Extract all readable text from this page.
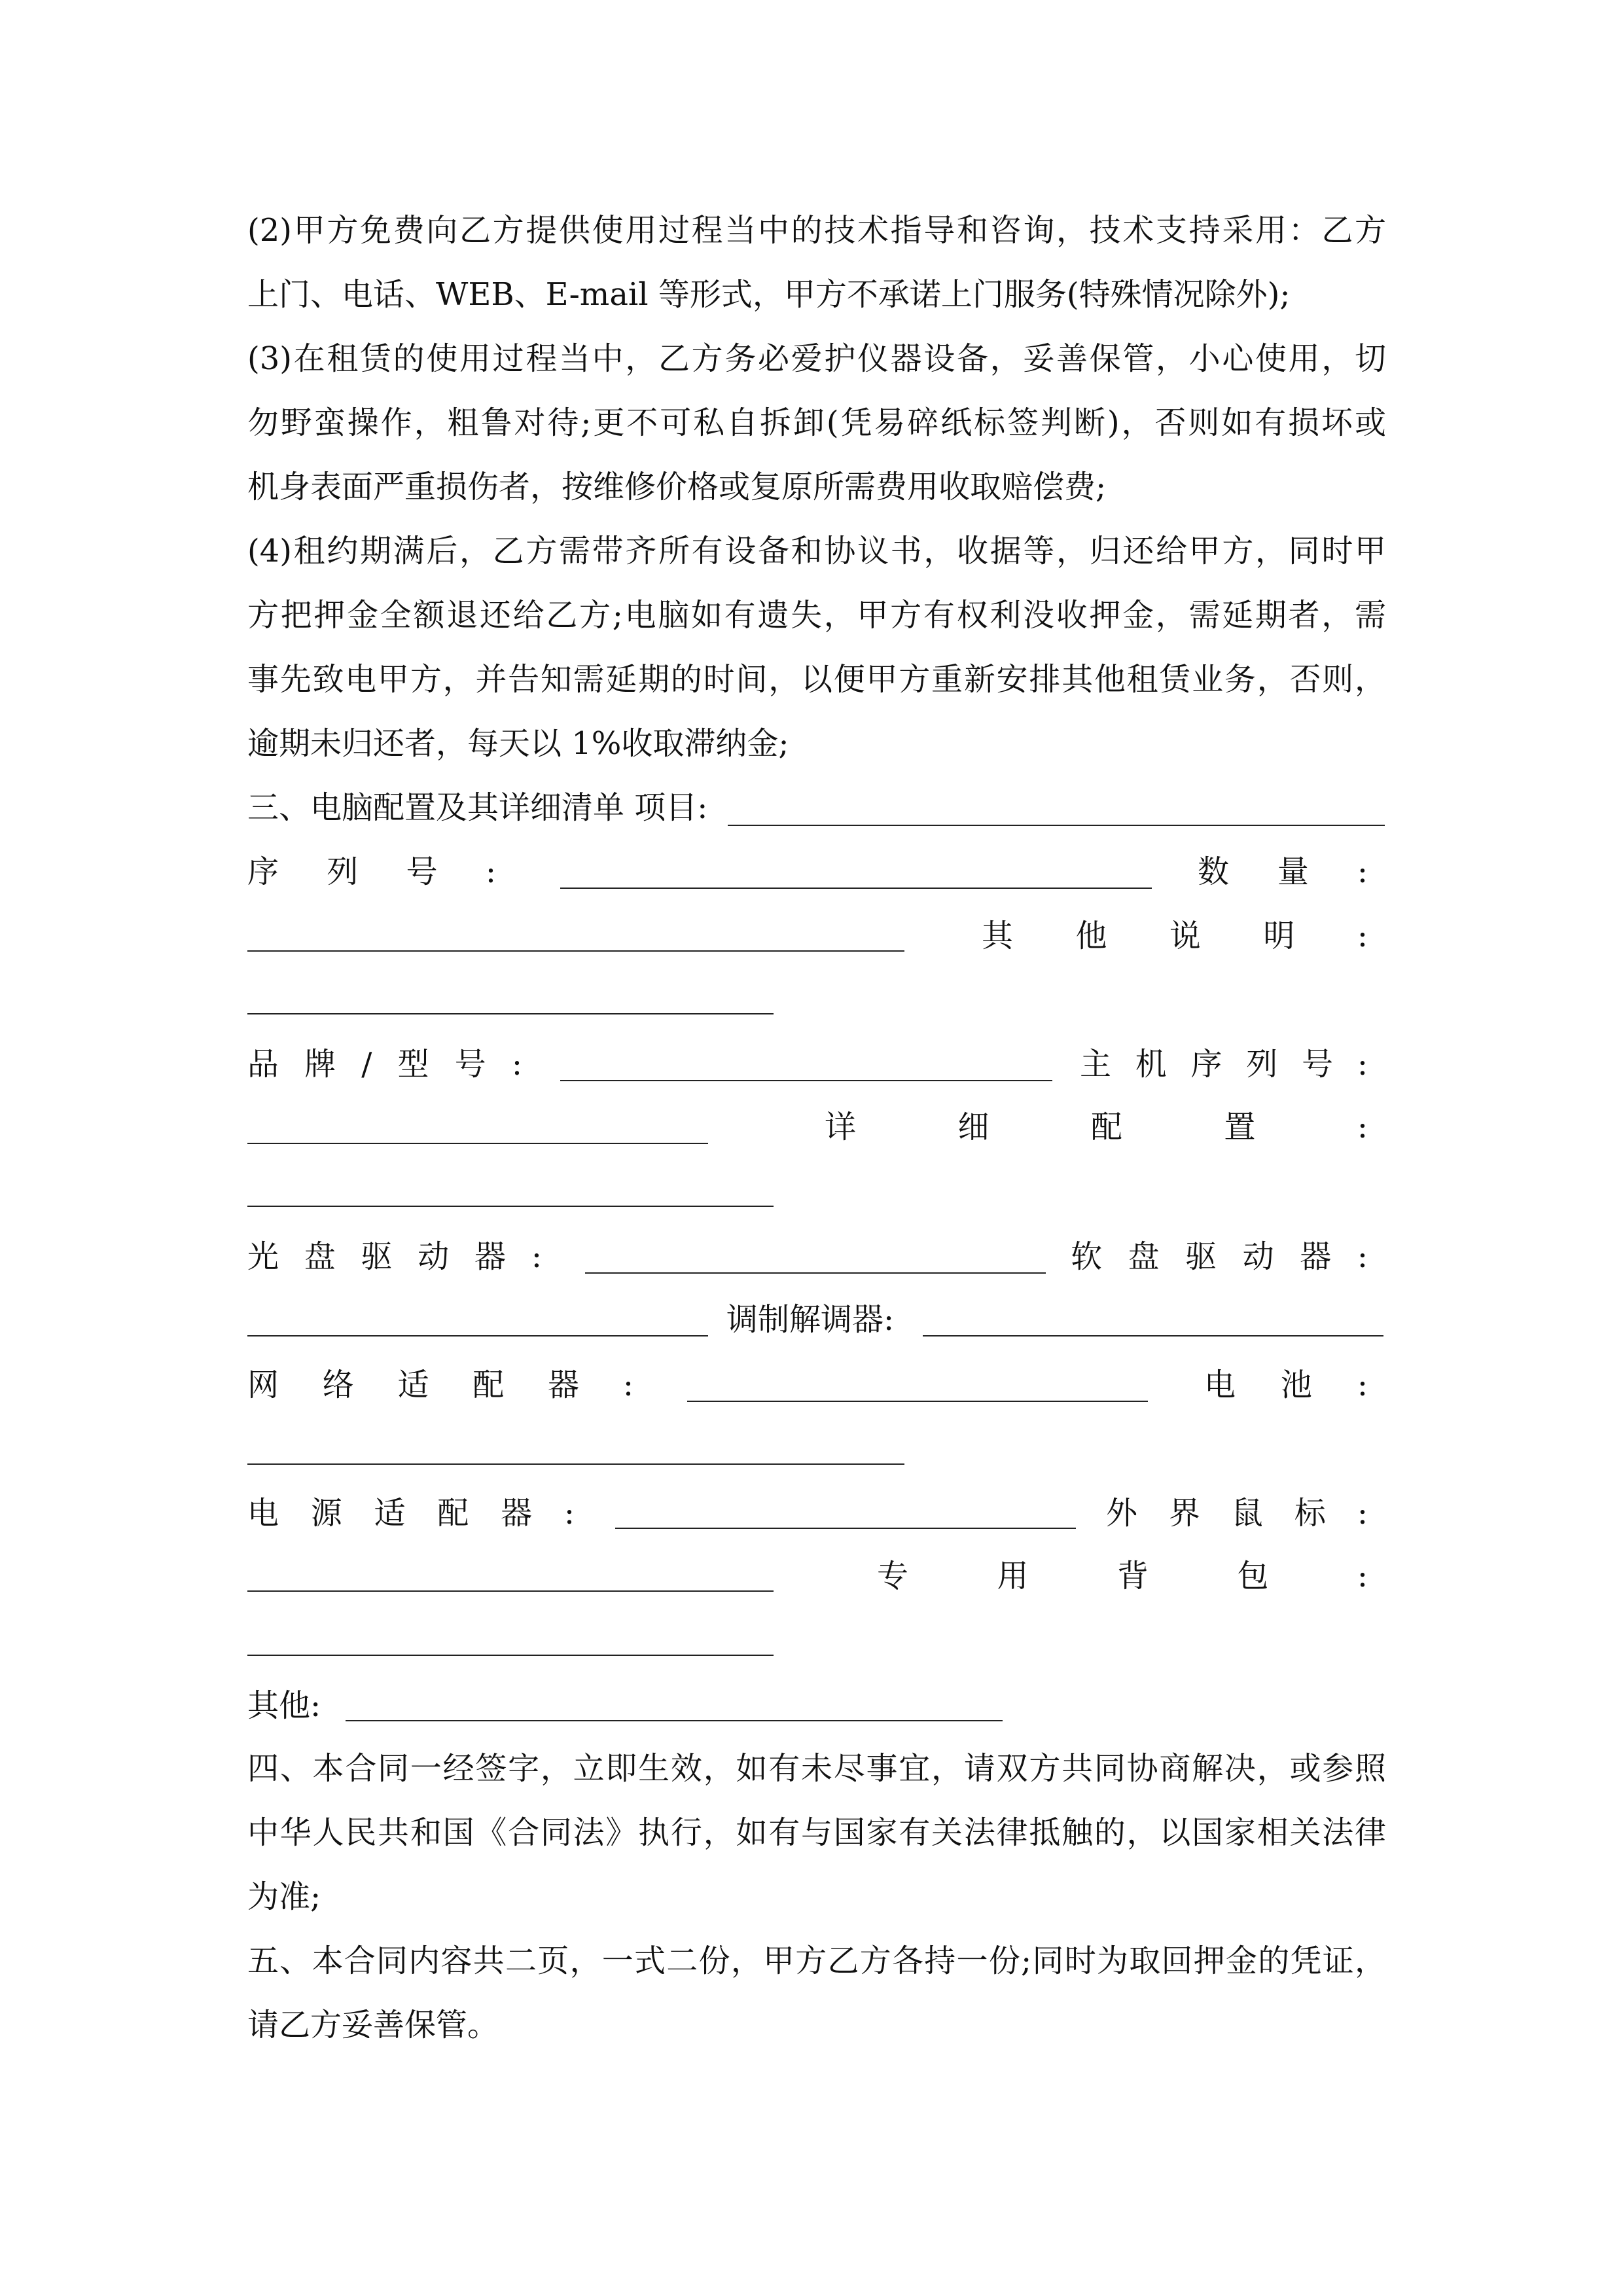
(2)甲方免费向乙方提供使用过程当中的技术指导和咨询，技术支持采用：乙方
上门、电话、WEB、E-mail 等形式，甲方不承诺上门服务(特殊情况除外);
(3)在租赁的使用过程当中，乙方务必爱护仪器设备，妥善保管，小心使用，切
勿野蛮操作，粗鲁对待;更不可私自拆卸(凭易碎纸标签判断)，否则如有损坏或
机身表面严重损伤者，按维修价格或复原所需费用收取赔偿费;
(4)租约期满后，乙方需带齐所有设备和协议书，收据等，归还给甲方，同时甲
方把押金全额退还给乙方;电脑如有遗失，甲方有权利没收押金，需延期者，需
事先致电甲方，并告知需延期的时间，以便甲方重新安排其他租赁业务，否则，
逾期未归还者，每天以 1%收取滞纳金;
三、电脑配置及其详细清单 项目:
序 列 号 :	数 量 :
其 他 说 明 :
品牌/型号:	主机序列号:
详 细 配 置 :
光盘驱动器:	软盘驱动器:
调制解调器:
网 络 适 配 器 :	电 池 :
电源适配器:	外界鼠标:
专 用 背 包 :
其他:
四、本合同一经签字，立即生效，如有未尽事宜，请双方共同协商解决，或参照
中华人民共和国《合同法》执行，如有与国家有关法律抵触的，以国家相关法律
为准;
五、本合同内容共二页，一式二份，甲方乙方各持一份;同时为取回押金的凭证，
请乙方妥善保管。
